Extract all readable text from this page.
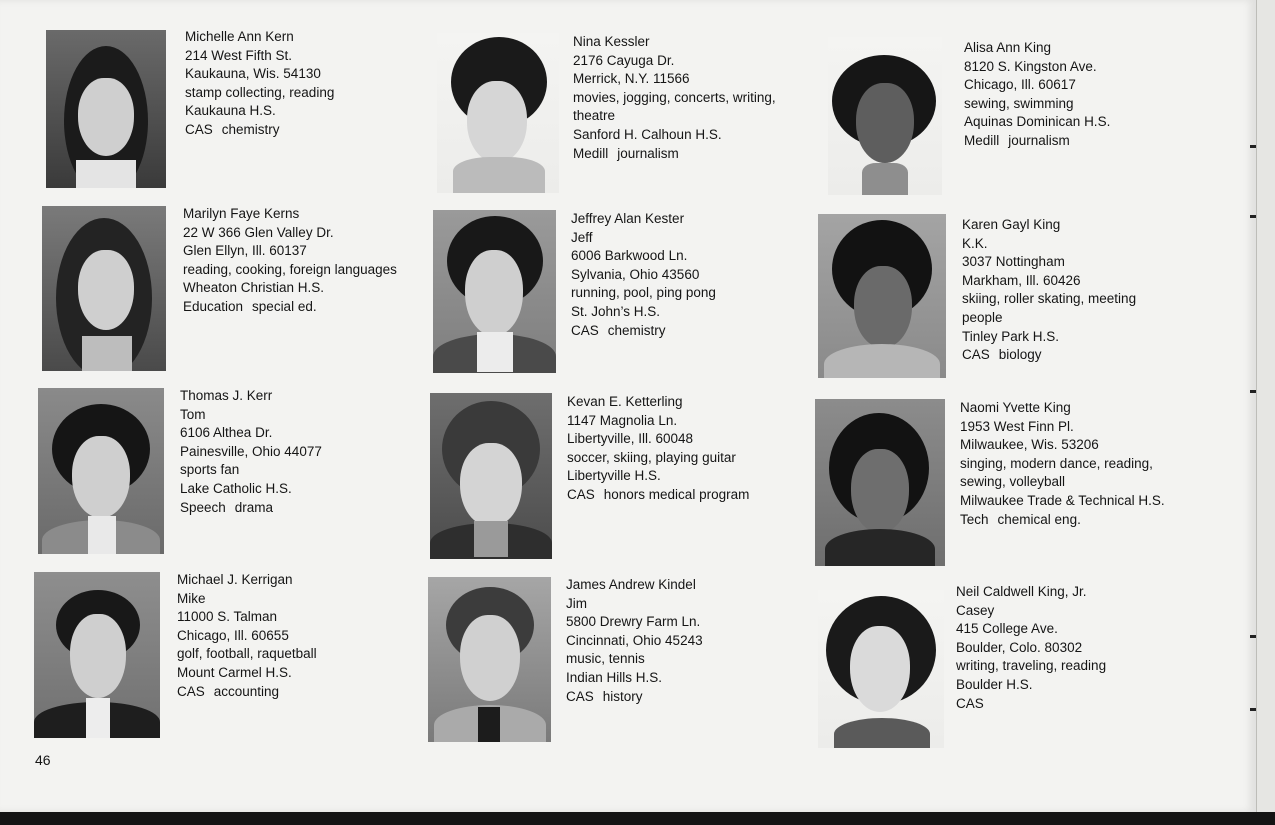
Michelle Ann Kern
214 West Fifth St.
Kaukauna, Wis. 54130
stamp collecting, reading
Kaukauna H.S.
CAS chemistry
Marilyn Faye Kerns
22 W 366 Glen Valley Dr.
Glen Ellyn, Ill. 60137
reading, cooking, foreign languages
Wheaton Christian H.S.
Education special ed.
Thomas J. Kerr
Tom
6106 Althea Dr.
Painesville, Ohio 44077
sports fan
Lake Catholic H.S.
Speech drama
Michael J. Kerrigan
Mike
11000 S. Talman
Chicago, Ill. 60655
golf, football, raquetball
Mount Carmel H.S.
CAS accounting
Nina Kessler
2176 Cayuga Dr.
Merrick, N.Y. 11566
movies, jogging, concerts, writing,
theatre
Sanford H. Calhoun H.S.
Medill journalism
Jeffrey Alan Kester
Jeff
6006 Barkwood Ln.
Sylvania, Ohio 43560
running, pool, ping pong
St. John’s H.S.
CAS chemistry
Kevan E. Ketterling
1147 Magnolia Ln.
Libertyville, Ill. 60048
soccer, skiing, playing guitar
Libertyville H.S.
CAS honors medical program
James Andrew Kindel
Jim
5800 Drewry Farm Ln.
Cincinnati, Ohio 45243
music, tennis
Indian Hills H.S.
CAS history
Alisa Ann King
8120 S. Kingston Ave.
Chicago, Ill. 60617
sewing, swimming
Aquinas Dominican H.S.
Medill journalism
Karen Gayl King
K.K.
3037 Nottingham
Markham, Ill. 60426
skiing, roller skating, meeting
people
Tinley Park H.S.
CAS biology
Naomi Yvette King
1953 West Finn Pl.
Milwaukee, Wis. 53206
singing, modern dance, reading,
sewing, volleyball
Milwaukee Trade & Technical H.S.
Tech chemical eng.
Neil Caldwell King, Jr.
Casey
415 College Ave.
Boulder, Colo. 80302
writing, traveling, reading
Boulder H.S.
CAS
46
